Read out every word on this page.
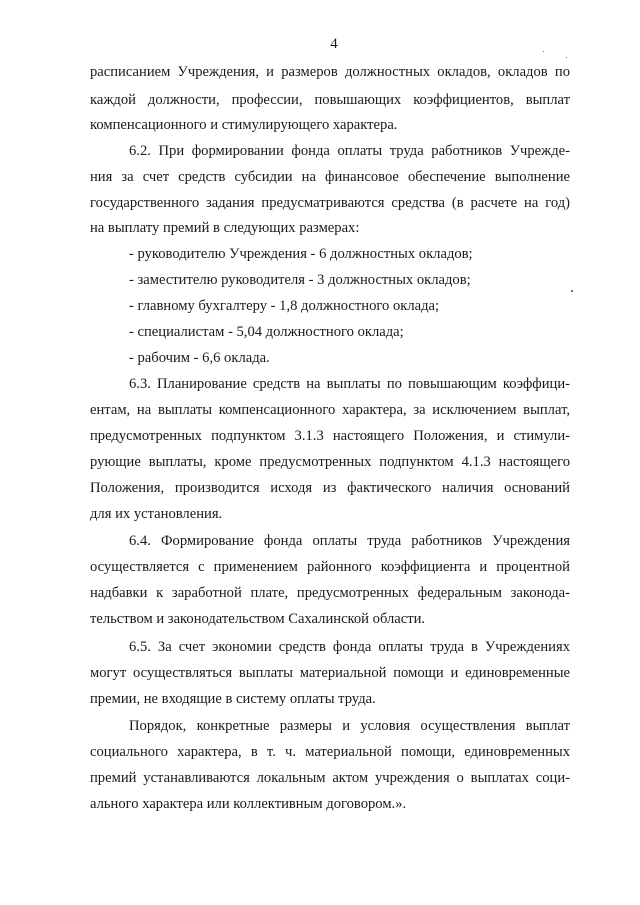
4
расписанием Учреждения, и размеров должностных окладов, окладов по
каждой должности, профессии, повышающих коэффициентов, выплат
компенсационного и стимулирующего характера.
6.2. При формировании фонда оплаты труда работников Учрежде-
ния за счет средств субсидии на финансовое обеспечение выполнение
государственного задания предусматриваются средства (в расчете на год)
на выплату премий в следующих размерах:
- руководителю Учреждения - 6 должностных окладов;
- заместителю руководителя - 3 должностных окладов;
- главному бухгалтеру - 1,8 должностного оклада;
- специалистам - 5,04 должностного оклада;
- рабочим - 6,6 оклада.
6.3. Планирование средств на выплаты по повышающим коэффици-
ентам, на выплаты компенсационного характера, за исключением выплат,
предусмотренных подпунктом 3.1.3 настоящего Положения, и стимули-
рующие выплаты, кроме предусмотренных подпунктом 4.1.3 настоящего
Положения, производится исходя из фактического наличия оснований
для их установления.
6.4. Формирование фонда оплаты труда работников Учреждения
осуществляется с применением районного коэффициента и процентной
надбавки к заработной плате, предусмотренных федеральным законода-
тельством и законодательством Сахалинской области.
6.5. За счет экономии средств фонда оплаты труда в Учреждениях
могут осуществляться выплаты материальной помощи и единовременные
премии, не входящие в систему оплаты труда.
Порядок, конкретные размеры и условия осуществления выплат
социального характера, в т. ч. материальной помощи, единовременных
премий устанавливаются локальным актом учреждения о выплатах соци-
ального характера или коллективным договором.».
